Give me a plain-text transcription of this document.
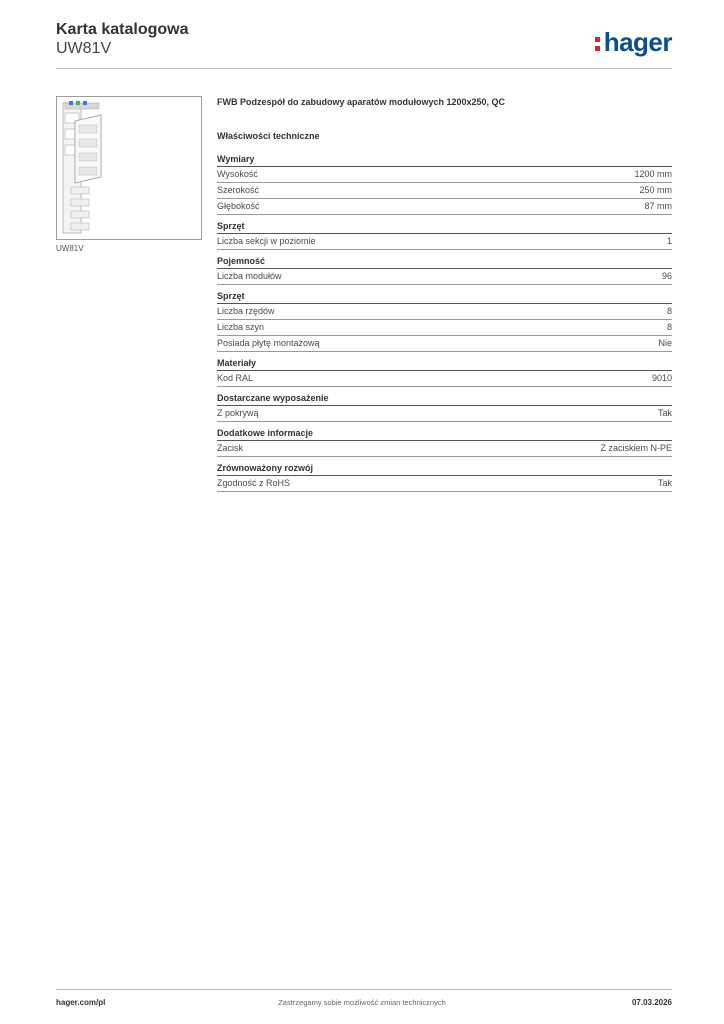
Karta katalogowa
UW81V	hager
UW81V
FWB Podzespół do zabudowy aparatów modułowych 1200x250, QC
Właściwości techniczne
Wymiary
Wysokość	1200 mm
Szerokość	250 mm
Głębokość	87 mm
Sprzęt
Liczba sekcji w poziomie	1
Pojemność
Liczba modułów	96
Sprzęt
Liczba rzędów	8
Liczba szyn	8
Posiada płytę montażową	Nie
Materiały
Kod RAL	9010
Dostarczane wyposażenie
Z pokrywą	Tak
Dodatkowe informacje
Zacisk	Z zaciskiem N-PE
Zrównoważony rozwój
Zgodność z RoHS	Tak
hager.com/pl	Zastrzegamy sobie możliwość zmian technicznych	07.03.2026
